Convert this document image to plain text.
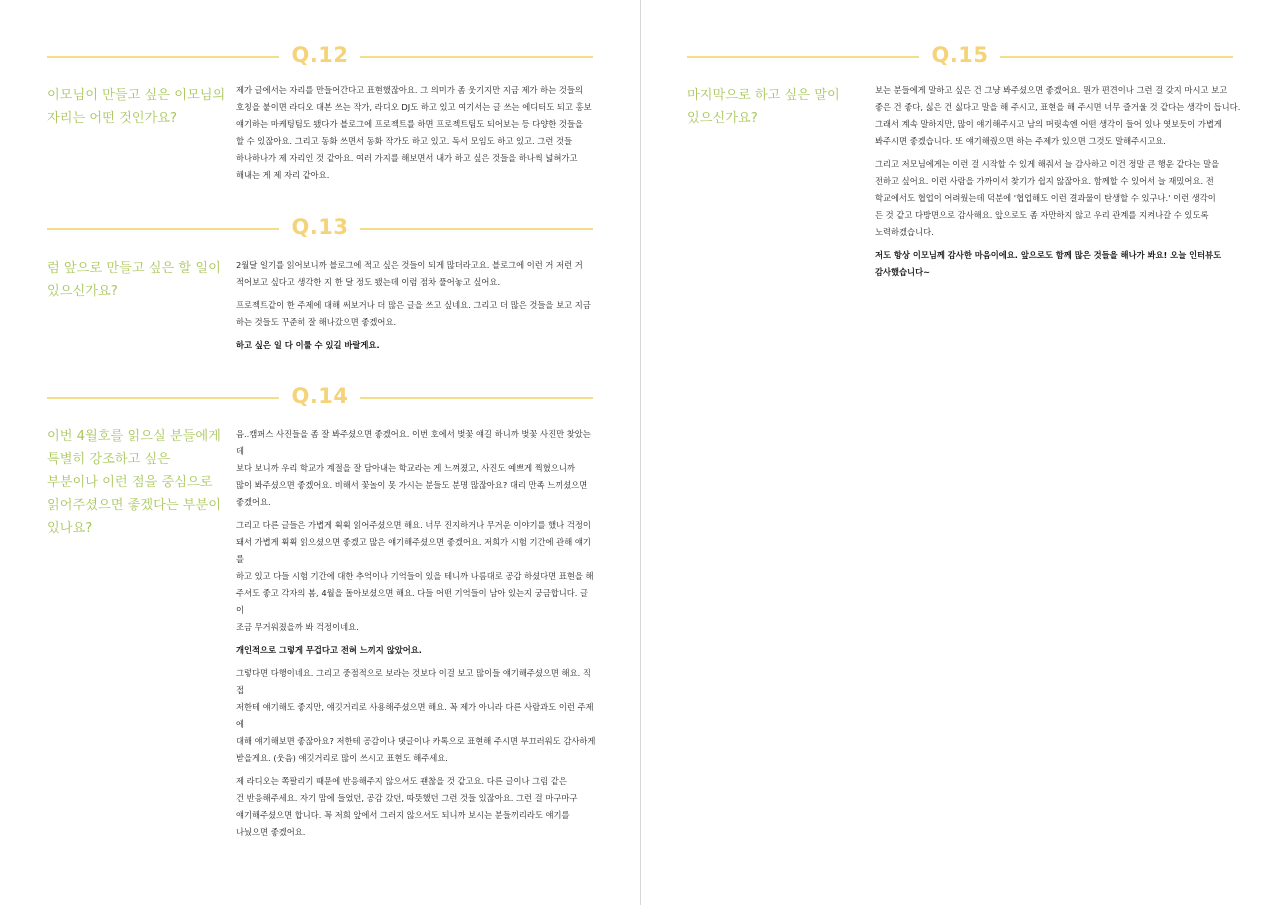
Q.12
이모님이 만들고 싶은 이모님의
자리는 어떤 것인가요?

제가 글에서는 자리를 만들어간다고 표현했잖아요. 그 의미가 좀 웃기지만 지금 제가 하는 것들의
호칭을 붙이면 라디오 대본 쓰는 작가, 라디오 DJ도 하고 있고 여기서는 글 쓰는 에디터도 되고 홍보
얘기하는 마케팅팀도 됐다가 블로그에 프로젝트를 하면 프로젝트팀도 되어보는 등 다양한 것들을
할 수 있잖아요. 그리고 동화 쓰면서 동화 작가도 하고 있고. 독서 모임도 하고 있고. 그런 것들
하나하나가 제 자리인 것 같아요. 여러 가지를 해보면서 내가 하고 싶은 것들을 하나씩 넓혀가고
해내는 게 제 자리 같아요.

Q.13
럼 앞으로 만들고 싶은 할 일이
있으신가요?

2월달 일기를 읽어보니까 블로그에 적고 싶은 것들이 되게 많더라고요. 블로그에 이런 거 저런 거
적어보고 싶다고 생각한 지 한 달 정도 됐는데 이럼 점차 풀어놓고 싶어요.

프로젝트같이 한 주제에 대해 써보거나 더 많은 글을 쓰고 싶네요. 그리고 더 많은 것들을 보고 지금
하는 것들도 꾸준히 잘 해나갔으면 좋겠어요.

하고 싶은 일 다 이룰 수 있길 바랄게요.

Q.14
이번 4월호를 읽으실 분들에게
특별히 강조하고 싶은
부분이나 이런 점을 중심으로
읽어주셨으면 좋겠다는 부분이
있나요?

음..캠퍼스 사진들을 좀 잘 봐주셨으면 좋겠어요. 이번 호에서 벚꽃 얘길 하니까 벚꽃 사진만 찾았는데
보다 보니까 우리 학교가 계절을 잘 담아내는 학교라는 게 느껴졌고, 사진도 예쁘게 찍혔으니까
많이 봐주셨으면 좋겠어요. 비해서 꽃놀이 못 가시는 분들도 분명 많잖아요? 대리 만족 느끼셨으면
좋겠어요.

그리고 다른 글들은 가볍게 휙휙 읽어주셨으면 해요. 너무 진지하거나 무거운 이야기를 했나 걱정이
돼서 가볍게 휙휙 읽으셨으면 좋겠고 많은 얘기해주셨으면 좋겠어요. 저희가 시험 기간에 관해 얘기를
하고 있고 다들 시험 기간에 대한 추억이나 기억들이 있을 테니까 나름대로 공감 하셨다면 표현을 해
주셔도 좋고 각자의 봄, 4월을 돌아보셨으면 해요. 다들 어떤 기억들이 남아 있는지 궁금합니다. 글이
조금 무거워졌을까 봐 걱정이네요.

개인적으로 그렇게 무겁다고 전혀 느끼지 않았어요.

그렇다면 다행이네요. 그리고 중점적으로 보라는 것보다 이걸 보고 많이들 얘기해주셨으면 해요. 직접
저한테 얘기해도 좋지만, 얘깃거리로 사용해주셨으면 해요. 꼭 제가 아니라 다른 사람과도 이런 주제에
대해 얘기해보면 좋잖아요? 저한테 공감이나 댓글이나 카톡으로 표현해 주시면 부끄러워도 감사하게
받을게요. (웃음) 얘깃거리로 많이 쓰시고 표현도 해주세요.

제 라디오는 쪽팔리기 때문에 반응해주지 않으셔도 괜찮을 것 같고요. 다른 글이나 그림 같은
건 반응해주세요. 자기 맘에 들었던, 공감 갔던, 따뜻했던 그런 것들 있잖아요. 그런 걸 마구마구
얘기해주셨으면 합니다. 꼭 저희 앞에서 그러지 않으셔도 되니까 보시는 분들끼리라도 얘기를
나눴으면 좋겠어요.

Q.15
마지막으로 하고 싶은 말이
있으신가요?

보는 분들에게 말하고 싶은 건 그냥 봐주셨으면 좋겠어요. 뭔가 편견이나 그런 걸 갖지 마시고 보고
좋은 건 좋다, 싫은 건 싫다고 말을 해 주시고, 표현을 해 주시면 너무 즐거울 것 같다는 생각이 듭니다.
그래서 계속 말하지만, 많이 얘기해주시고 남의 머릿속엔 어떤 생각이 들어 있나 엿보듯이 가볍게
봐주시면 좋겠습니다. 또 얘기해줬으면 하는 주제가 있으면 그것도 말해주시고요.

그리고 저모님에게는 이런 걸 시작할 수 있게 해줘서 늘 감사하고 이건 정말 큰 행운 같다는 말을
전하고 싶어요. 이런 사람을 가까이서 찾기가 쉽지 않잖아요. 함께할 수 있어서 늘 재밌어요. 전
학교에서도 협업이 어려웠는데 덕분에 '협업해도 이런 결과물이 탄생할 수 있구나.' 이런 생각이
든 것 같고 다방면으로 감사해요. 앞으로도 좀 자만하지 않고 우리 관계를 지켜나갈 수 있도록
노력하겠습니다.

저도 항상 이모님께 감사한 마음이에요. 앞으로도 함께 많은 것들을 해나가 봐요! 오늘 인터뷰도
감사했습니다~
